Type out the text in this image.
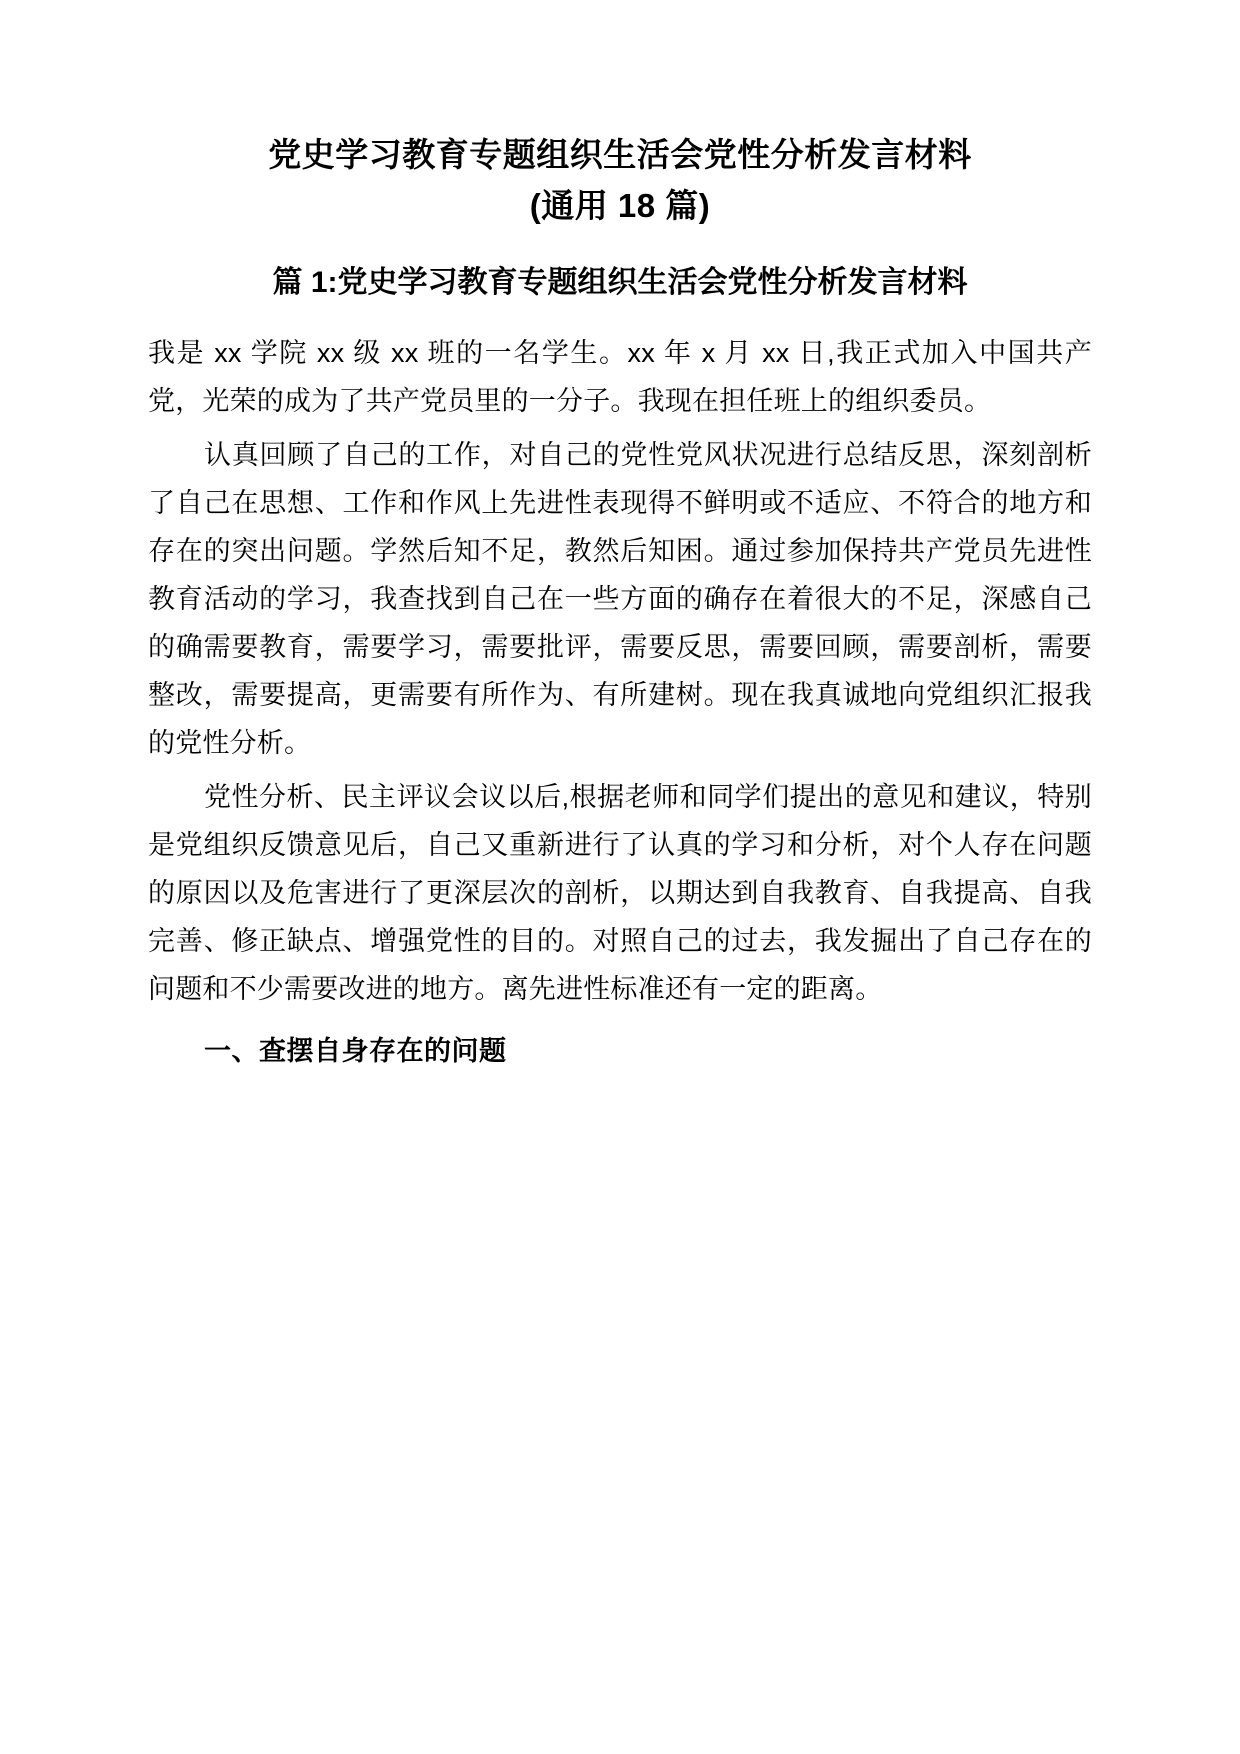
党史学习教育专题组织生活会党性分析发言材料
(通用 18 篇)
篇 1:党史学习教育专题组织生活会党性分析发言材料

我是 xx 学院 xx 级 xx 班的一名学生。xx 年 x 月 xx 日,我正式加入中国共产党，光荣的成为了共产党员里的一分子。我现在担任班上的组织委员。

认真回顾了自己的工作，对自己的党性党风状况进行总结反思，深刻剖析了自己在思想、工作和作风上先进性表现得不鲜明或不适应、不符合的地方和存在的突出问题。学然后知不足，教然后知困。通过参加保持共产党员先进性教育活动的学习，我查找到自己在一些方面的确存在着很大的不足，深感自己的确需要教育，需要学习，需要批评，需要反思，需要回顾，需要剖析，需要整改，需要提高，更需要有所作为、有所建树。现在我真诚地向党组织汇报我的党性分析。

党性分析、民主评议会议以后,根据老师和同学们提出的意见和建议，特别是党组织反馈意见后，自己又重新进行了认真的学习和分析，对个人存在问题的原因以及危害进行了更深层次的剖析，以期达到自我教育、自我提高、自我完善、修正缺点、增强党性的目的。对照自己的过去，我发掘出了自己存在的问题和不少需要改进的地方。离先进性标准还有一定的距离。

一、查摆自身存在的问题
